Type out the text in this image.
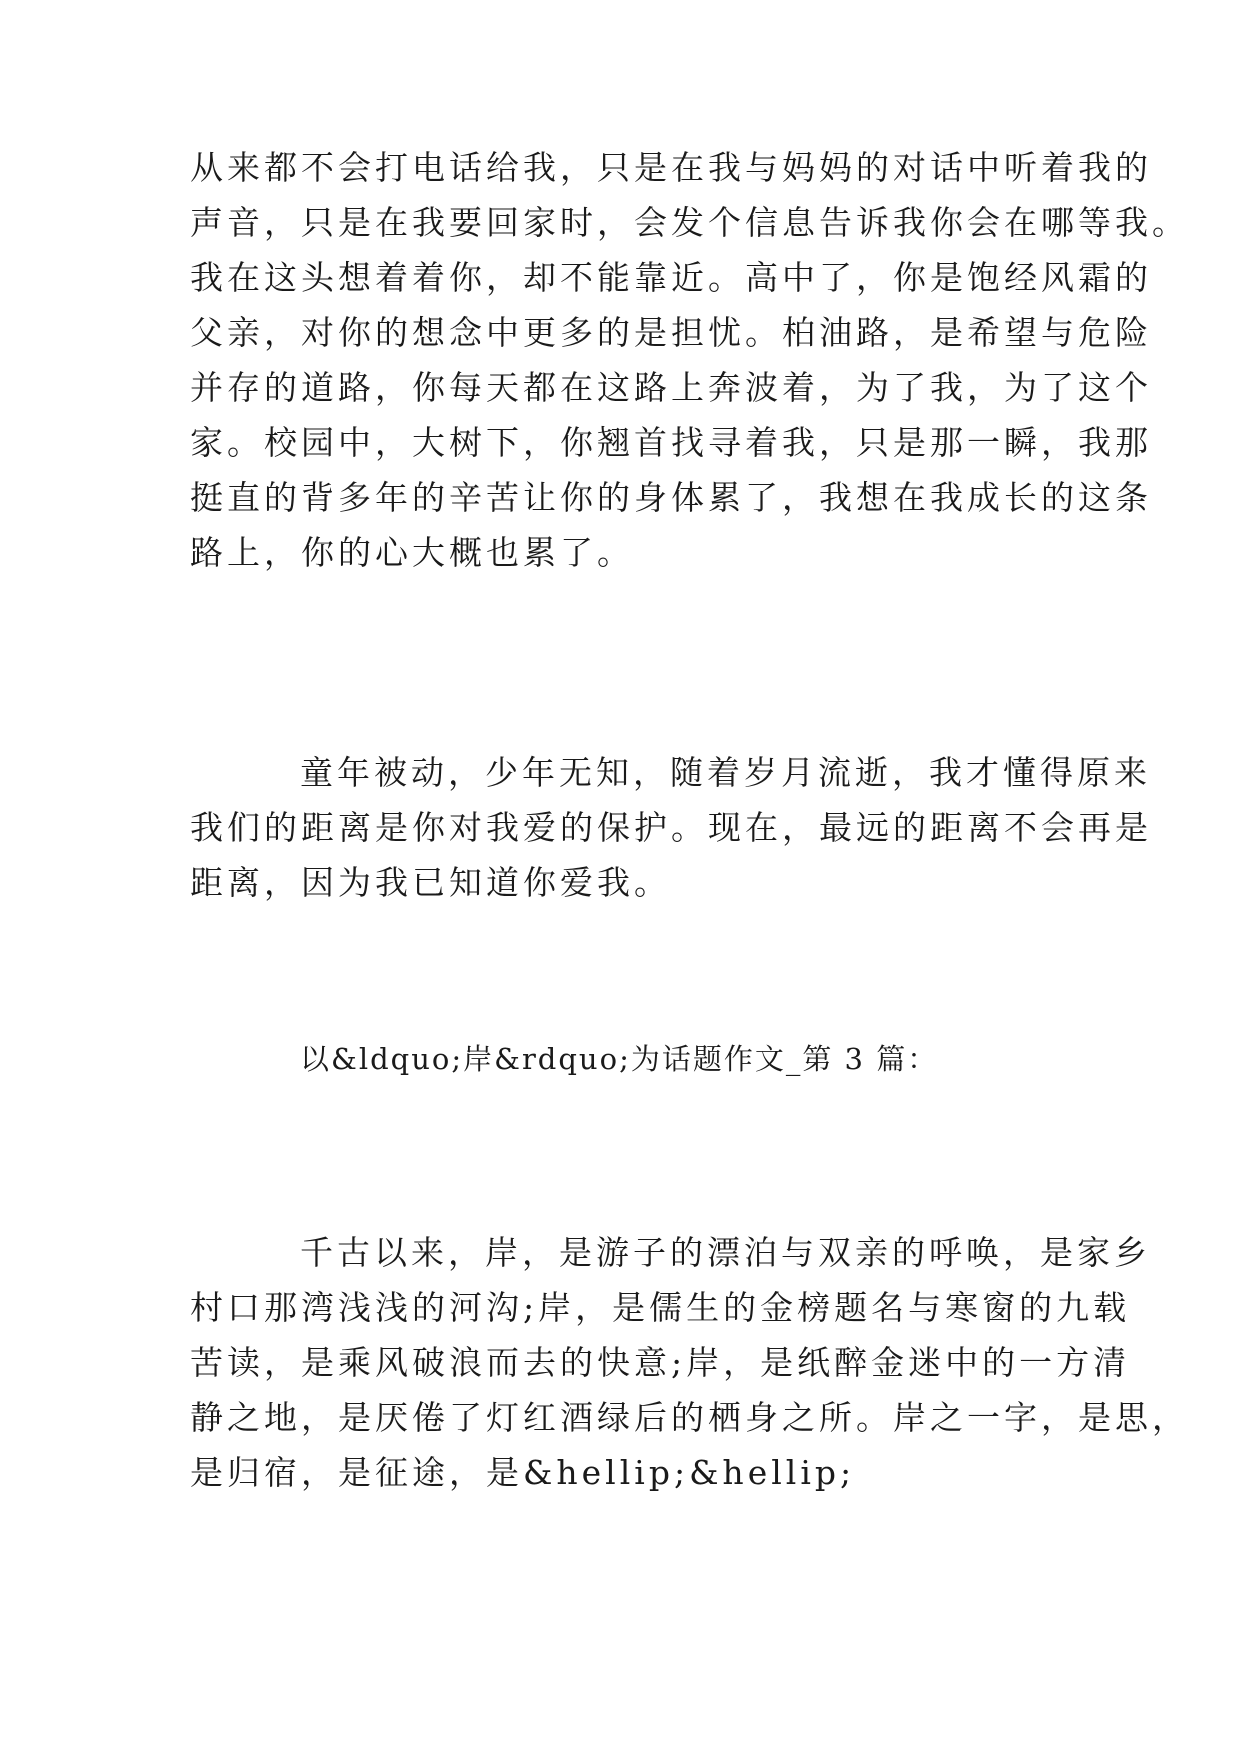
从来都不会打电话给我，只是在我与妈妈的对话中听着我的
声音，只是在我要回家时，会发个信息告诉我你会在哪等我。
我在这头想着着你，却不能靠近。高中了，你是饱经风霜的
父亲，对你的想念中更多的是担忧。柏油路，是希望与危险
并存的道路，你每天都在这路上奔波着，为了我，为了这个
家。校园中，大树下，你翘首找寻着我，只是那一瞬，我那
挺直的背多年的辛苦让你的身体累了，我想在我成长的这条
路上，你的心大概也累了。
童年被动，少年无知，随着岁月流逝，我才懂得原来
我们的距离是你对我爱的保护。现在，最远的距离不会再是
距离，因为我已知道你爱我。
以&ldquo;岸&rdquo;为话题作文_第 3 篇：
千古以来，岸，是游子的漂泊与双亲的呼唤，是家乡
村口那湾浅浅的河沟;岸，是儒生的金榜题名与寒窗的九载
苦读，是乘风破浪而去的快意;岸，是纸醉金迷中的一方清
静之地，是厌倦了灯红酒绿后的栖身之所。岸之一字，是思，
是归宿，是征途，是&hellip;&hellip;
